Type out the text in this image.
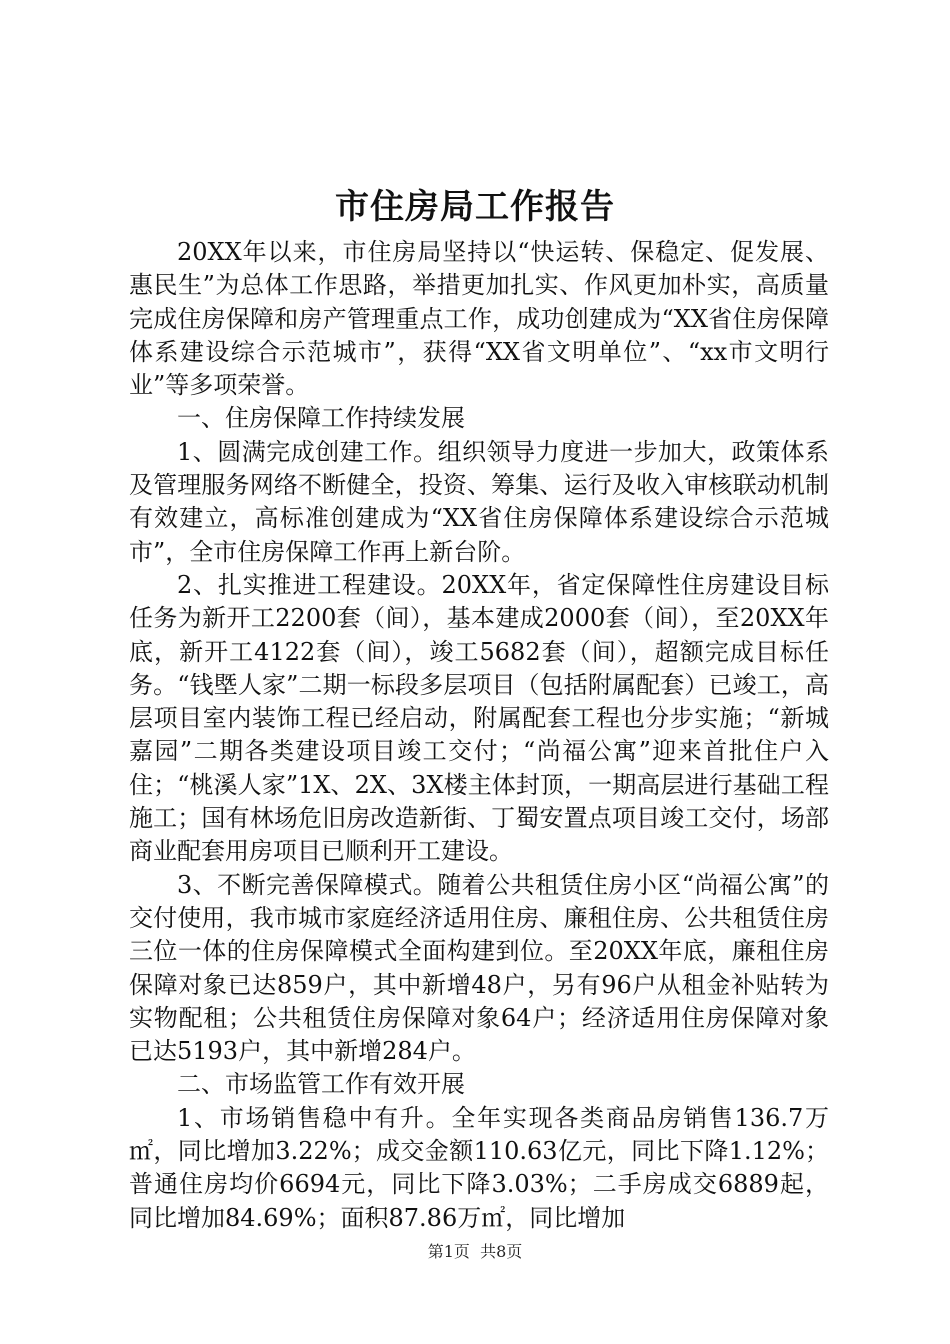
市住房局工作报告

20XX年以来，市住房局坚持以“快运转、保稳定、促发展、惠民生”为总体工作思路，举措更加扎实、作风更加朴实，高质量完成住房保障和房产管理重点工作，成功创建成为“XX省住房保障体系建设综合示范城市”，获得“XX省文明单位”、“xx市文明行业”等多项荣誉。

一、住房保障工作持续发展

1、圆满完成创建工作。组织领导力度进一步加大，政策体系及管理服务网络不断健全，投资、筹集、运行及收入审核联动机制有效建立，高标准创建成为“XX省住房保障体系建设综合示范城市”，全市住房保障工作再上新台阶。

2、扎实推进工程建设。20XX年，省定保障性住房建设目标任务为新开工2200套（间），基本建成2000套（间），至20XX年底，新开工4122套（间），竣工5682套（间），超额完成目标任务。“钱塈人家”二期一标段多层项目（包括附属配套）已竣工，高层项目室内装饰工程已经启动，附属配套工程也分步实施；“新城嘉园”二期各类建设项目竣工交付；“尚福公寓”迎来首批住户入住；“桃溪人家”1X、2X、3X楼主体封顶，一期高层进行基础工程施工；国有林场危旧房改造新街、丁蜀安置点项目竣工交付，场部商业配套用房项目已顺利开工建设。

3、不断完善保障模式。随着公共租赁住房小区“尚福公寓”的交付使用，我市城市家庭经济适用住房、廉租住房、公共租赁住房三位一体的住房保障模式全面构建到位。至20XX年底，廉租住房保障对象已达859户，其中新增48户，另有96户从租金补贴转为实物配租；公共租赁住房保障对象64户；经济适用住房保障对象已达5193户，其中新增284户。

二、市场监管工作有效开展

1、市场销售稳中有升。全年实现各类商品房销售136.7万㎡，同比增加3.22%；成交金额110.63亿元，同比下降1.12%；普通住房均价6694元，同比下降3.03%；二手房成交6889起，同比增加84.69%；面积87.86万㎡，同比增加

第1页 共8页
